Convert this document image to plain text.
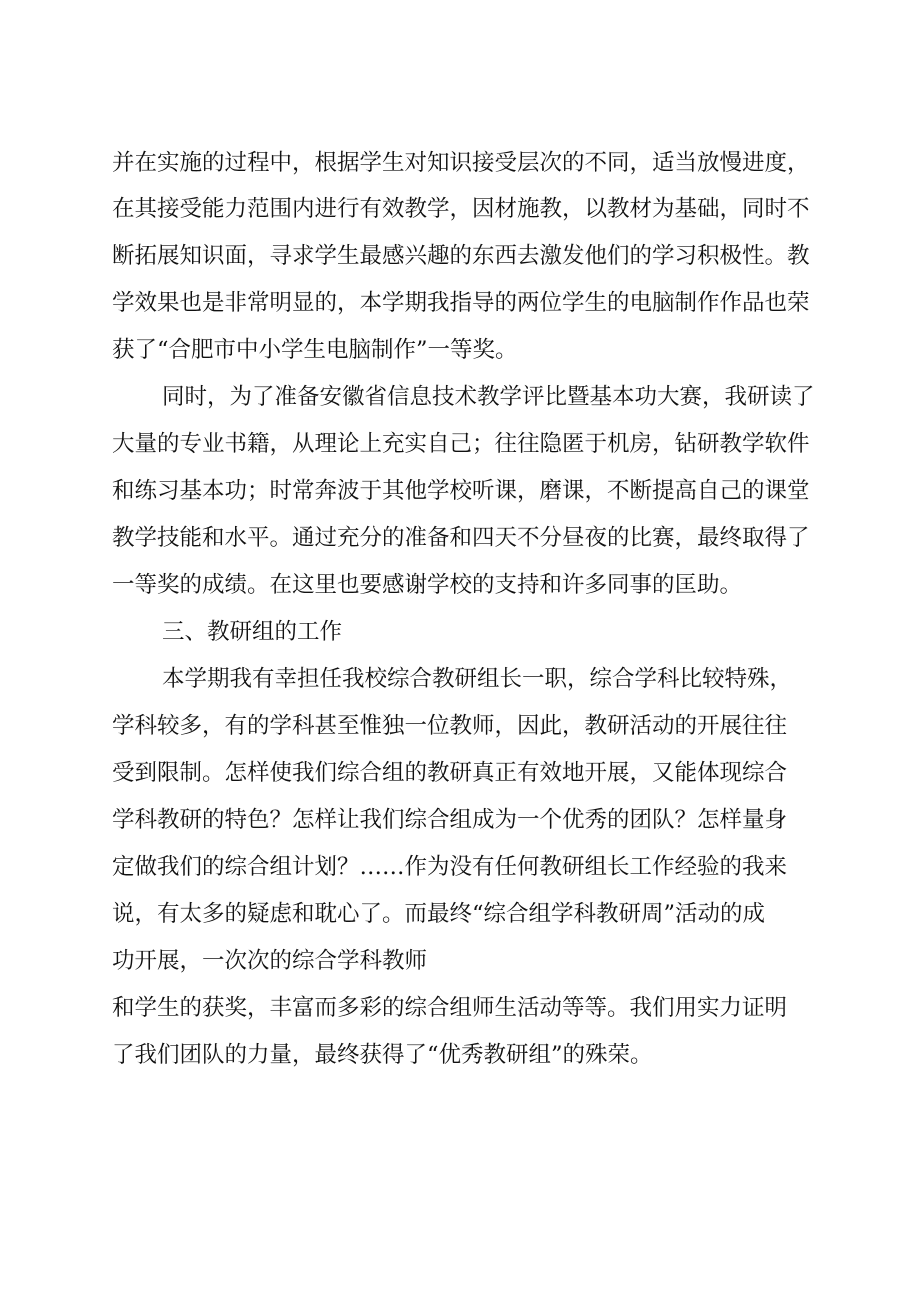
并在实施的过程中，根据学生对知识接受层次的不同，适当放慢进度，
在其接受能力范围内进行有效教学，因材施教，以教材为基础，同时不
断拓展知识面，寻求学生最感兴趣的东西去激发他们的学习积极性。教
学效果也是非常明显的，本学期我指导的两位学生的电脑制作作品也荣
获了“合肥市中小学生电脑制作”一等奖。
同时，为了准备安徽省信息技术教学评比暨基本功大赛，我研读了
大量的专业书籍，从理论上充实自己；往往隐匿于机房，钻研教学软件
和练习基本功；时常奔波于其他学校听课，磨课，不断提高自己的课堂
教学技能和水平。通过充分的准备和四天不分昼夜的比赛，最终取得了
一等奖的成绩。在这里也要感谢学校的支持和许多同事的匡助。
三、教研组的工作
本学期我有幸担任我校综合教研组长一职，综合学科比较特殊，
学科较多，有的学科甚至惟独一位教师，因此，教研活动的开展往往
受到限制。怎样使我们综合组的教研真正有效地开展，又能体现综合
学科教研的特色？怎样让我们综合组成为一个优秀的团队？怎样量身
定做我们的综合组计划？……作为没有任何教研组长工作经验的我来
说，有太多的疑虑和耽心了。而最终“综合组学科教研周”活动的成
功开展，一次次的综合学科教师
和学生的获奖，丰富而多彩的综合组师生活动等等。我们用实力证明
了我们团队的力量，最终获得了“优秀教研组”的殊荣。
